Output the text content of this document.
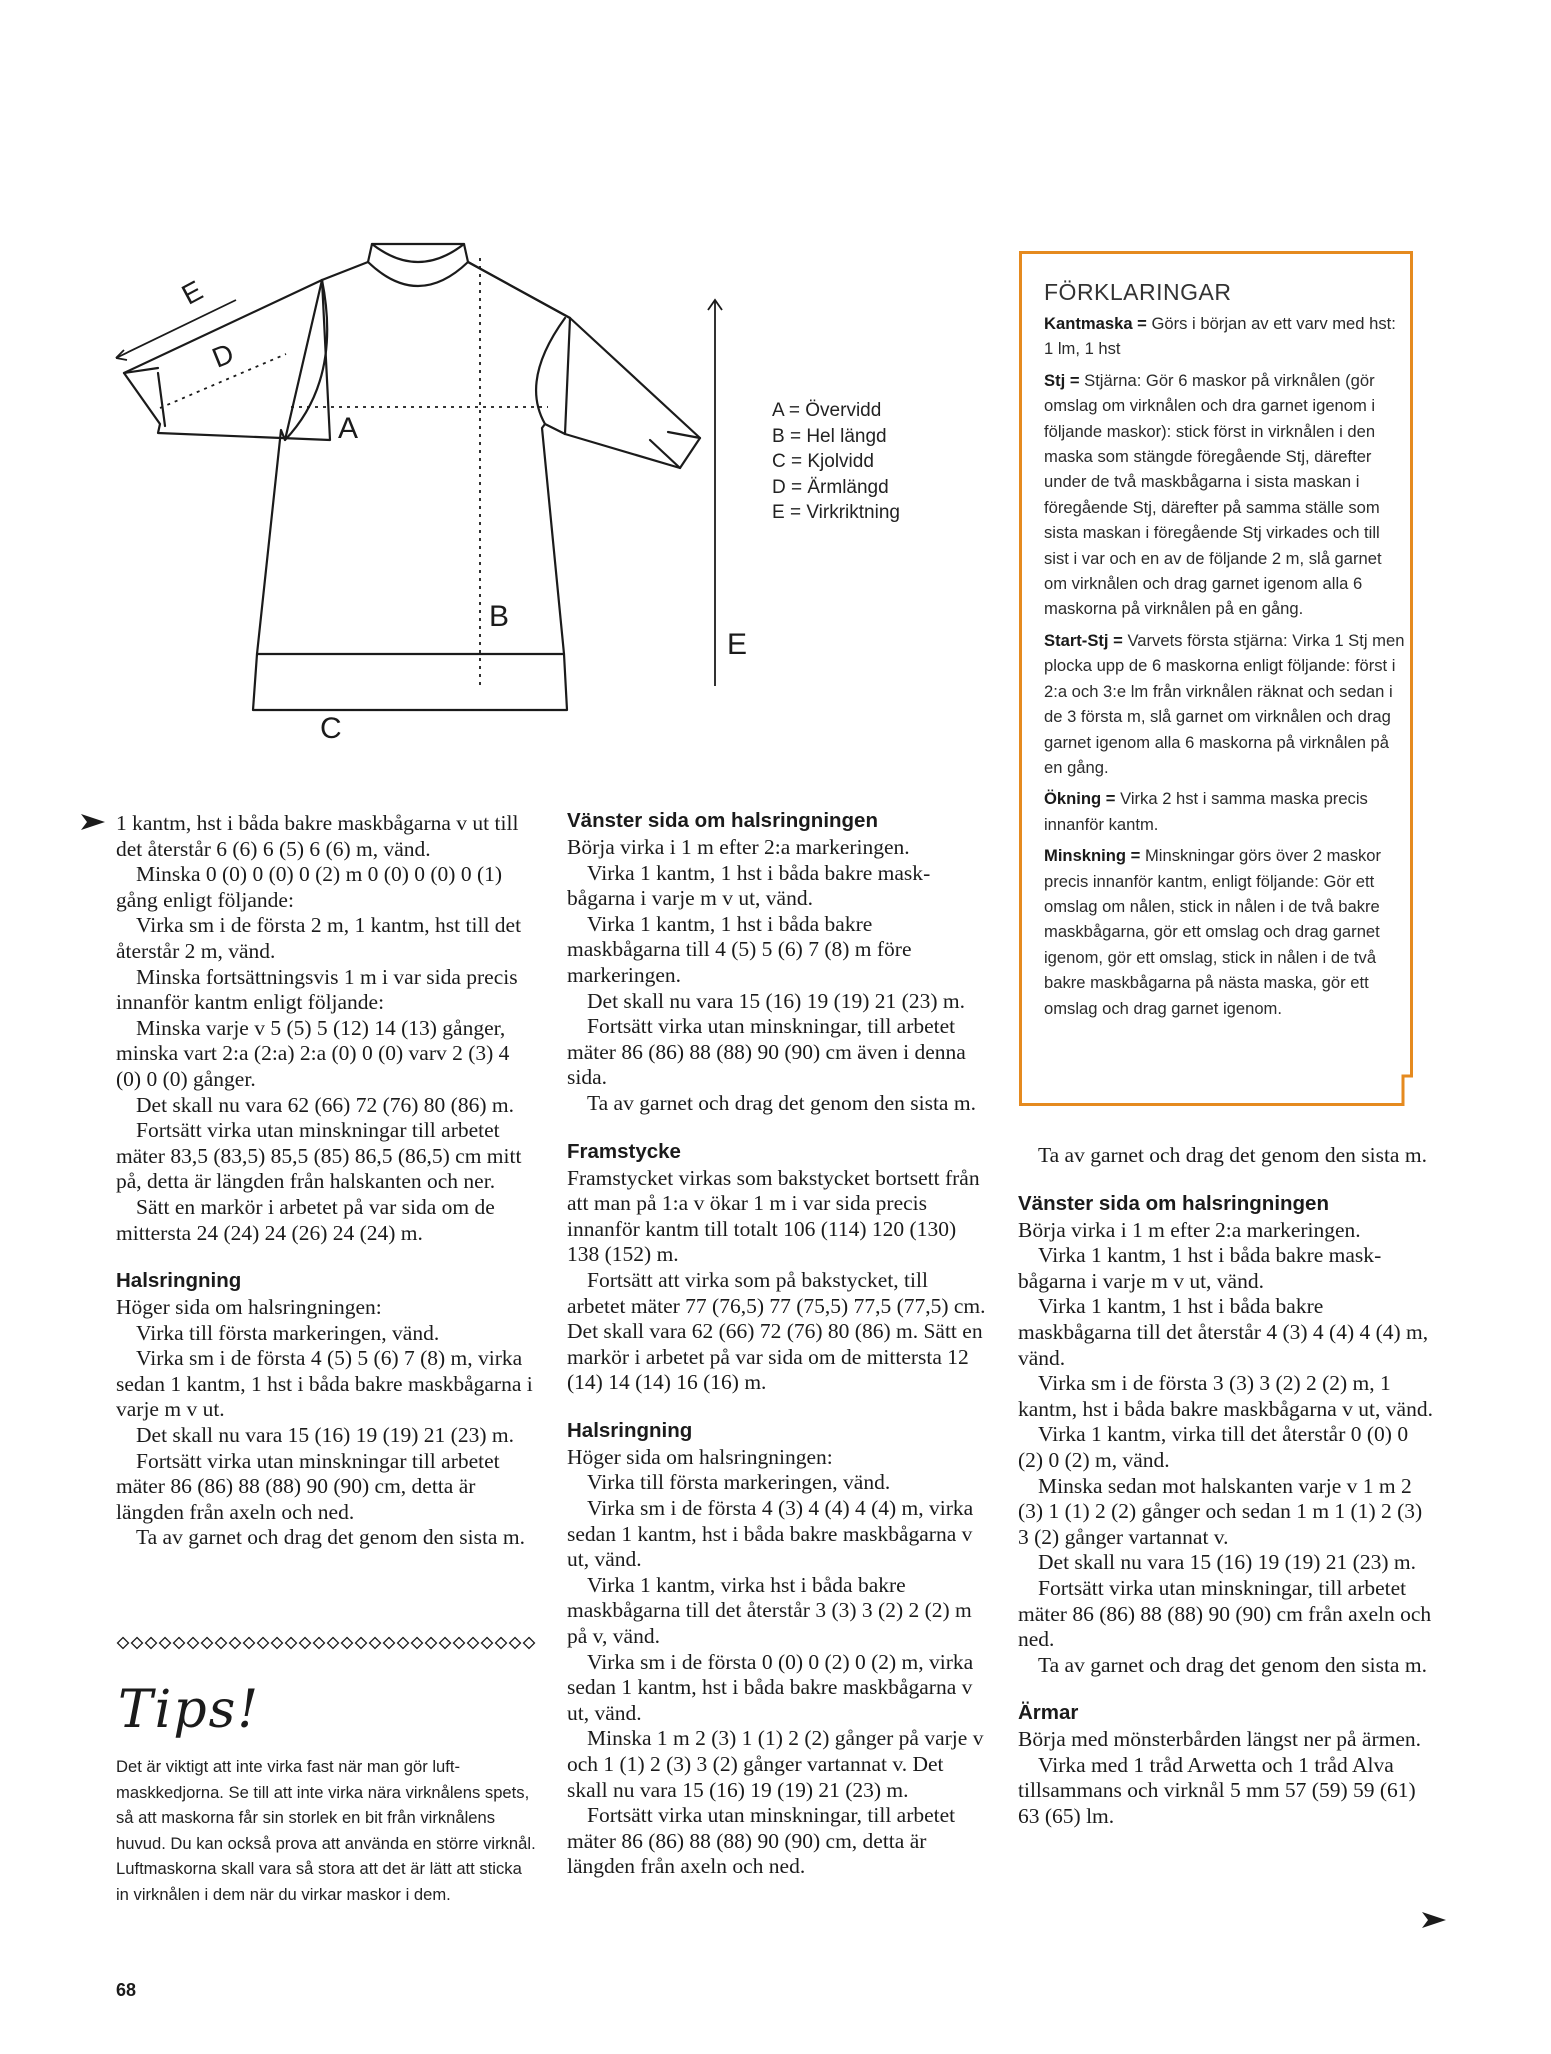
E
D
A
B
C
E
A = Övervidd
B = Hel längd
C = Kjolvidd
D = Ärmlängd
E = Virkriktning
FÖRKLARINGAR
Kantmaska = Görs i början av ett varv med hst: 1 lm, 1 hst
Stj = Stjärna: Gör 6 maskor på virknålen (gör omslag om virknålen och dra garnet igenom i följande maskor): stick först in virknålen i den maska som stängde föregående Stj, därefter under de två maskbågarna i sista maskan i föregående Stj, därefter på samma ställe som sista maskan i föregående Stj virkades och till sist i var och en av de följande 2 m, slå garnet om virknålen och drag garnet igenom alla 6 maskorna på virknålen på en gång.
Start-Stj = Varvets första stjärna: Virka 1 Stj men plocka upp de 6 maskorna enligt följande: först i 2:a och 3:e lm från virknålen räknat och sedan i de 3 första m, slå garnet om virknålen och drag garnet igenom alla 6 maskorna på virknålen på en gång.
Ökning = Virka 2 hst i samma maska precis innanför kantm.
Minskning = Minskningar görs över 2 maskor precis innanför kantm, enligt följande: Gör ett omslag om nålen, stick in nålen i de två bakre maskbågarna, gör ett omslag och drag garnet igenom, gör ett omslag, stick in nålen i de två bakre maskbågarna på nästa maska, gör ett omslag och drag garnet igenom.

1 kantm, hst i båda bakre maskbågarna v ut till det återstår 6 (6) 6 (5) 6 (6) m, vänd.

Minska 0 (0) 0 (0) 0 (2) m 0 (0) 0 (0) 0 (1) gång enligt följande:

Virka sm i de första 2 m, 1 kantm, hst till det återstår 2 m, vänd.

Minska fortsättningsvis 1 m i var sida precis innanför kantm enligt följande:

Minska varje v 5 (5) 5 (12) 14 (13) gånger, minska vart 2:a (2:a) 2:a (0) 0 (0) varv 2 (3) 4 (0) 0 (0) gånger.

Det skall nu vara 62 (66) 72 (76) 80 (86) m.

Fortsätt virka utan minskningar till arbetet mäter 83,5 (83,5) 85,5 (85) 86,5 (86,5) cm mitt på, detta är längden från halskanten och ner.

Sätt en markör i arbetet på var sida om de mittersta 24 (24) 24 (26) 24 (24) m.

Halsringning

Höger sida om halsringningen:

Virka till första markeringen, vänd.

Virka sm i de första 4 (5) 5 (6) 7 (8) m, virka sedan 1 kantm, 1 hst i båda bakre maskbågarna i varje m v ut.

Det skall nu vara 15 (16) 19 (19) 21 (23) m.

Fortsätt virka utan minskningar till arbetet mäter 86 (86) 88 (88) 90 (90) cm, detta är längden från axeln och ned.

Ta av garnet och drag det genom den sista m.

Tips!
Det är viktigt att inte virka fast när man gör luftmaskkedjorna. Se till att inte virka nära virknålens spets, så att maskorna får sin storlek en bit från virknålens huvud. Du kan också prova att använda en större virknål. Luftmaskorna skall vara så stora att det är lätt att sticka in virknålen i dem när du virkar maskor i dem.
Vänster sida om halsringningen

Börja virka i 1 m efter 2:a markeringen.

Virka 1 kantm, 1 hst i båda bakre maskbågarna i varje m v ut, vänd.

Virka 1 kantm, 1 hst i båda bakre maskbågarna till 4 (5) 5 (6) 7 (8) m före markeringen.

Det skall nu vara 15 (16) 19 (19) 21 (23) m.

Fortsätt virka utan minskningar, till arbetet mäter 86 (86) 88 (88) 90 (90) cm även i denna sida.

Ta av garnet och drag det genom den sista m.

Framstycke

Framstycket virkas som bakstycket bortsett från att man på 1:a v ökar 1 m i var sida precis innanför kantm till totalt 106 (114) 120 (130) 138 (152) m.

Fortsätt att virka som på bakstycket, till arbetet mäter 77 (76,5) 77 (75,5) 77,5 (77,5) cm. Det skall vara 62 (66) 72 (76) 80 (86) m. Sätt en markör i arbetet på var sida om de mittersta 12 (14) 14 (14) 16 (16) m.

Halsringning

Höger sida om halsringningen:

Virka till första markeringen, vänd.

Virka sm i de första 4 (3) 4 (4) 4 (4) m, virka sedan 1 kantm, hst i båda bakre maskbågarna v ut, vänd.

Virka 1 kantm, virka hst i båda bakre maskbågarna till det återstår 3 (3) 3 (2) 2 (2) m på v, vänd.

Virka sm i de första 0 (0) 0 (2) 0 (2) m, virka sedan 1 kantm, hst i båda bakre maskbågarna v ut, vänd.

Minska 1 m 2 (3) 1 (1) 2 (2) gånger på varje v och 1 (1) 2 (3) 3 (2) gånger vartannat v. Det skall nu vara 15 (16) 19 (19) 21 (23) m.

Fortsätt virka utan minskningar, till arbetet mäter 86 (86) 88 (88) 90 (90) cm, detta är längden från axeln och ned.

Ta av garnet och drag det genom den sista m.

Vänster sida om halsringningen

Börja virka i 1 m efter 2:a markeringen.

Virka 1 kantm, 1 hst i båda bakre maskbågarna i varje m v ut, vänd.

Virka 1 kantm, 1 hst i båda bakre maskbågarna till det återstår 4 (3) 4 (4) 4 (4) m, vänd.

Virka sm i de första 3 (3) 3 (2) 2 (2) m, 1 kantm, hst i båda bakre maskbågarna v ut, vänd.

Virka 1 kantm, virka till det återstår 0 (0) 0 (2) 0 (2) m, vänd.

Minska sedan mot halskanten varje v 1 m 2 (3) 1 (1) 2 (2) gånger och sedan 1 m 1 (1) 2 (3) 3 (2) gånger vartannat v.

Det skall nu vara 15 (16) 19 (19) 21 (23) m.

Fortsätt virka utan minskningar, till arbetet mäter 86 (86) 88 (88) 90 (90) cm från axeln och ned.

Ta av garnet och drag det genom den sista m.

Ärmar

Börja med mönsterbården längst ner på ärmen.

Virka med 1 tråd Arwetta och 1 tråd Alva tillsammans och virknål 5 mm 57 (59) 59 (61) 63 (65) lm.

68
